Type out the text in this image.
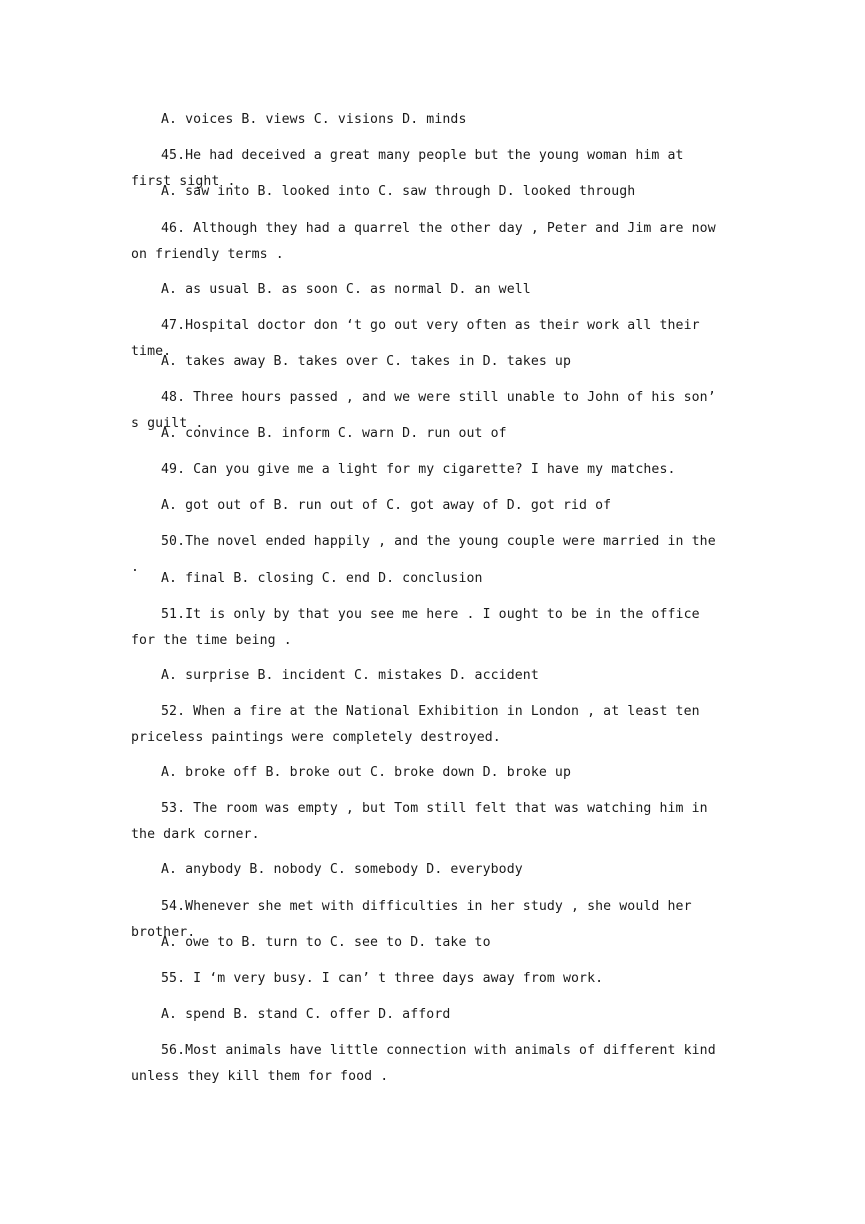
A. voices B. views C. visions D. minds
45.He had deceived a great many people but the young woman him at first sight .
A. saw into B. looked into C. saw through D. looked through
46. Although they had a quarrel the other day , Peter and Jim are now on friendly terms .
A. as usual B. as soon C. as normal D. an well
47.Hospital doctor don ‘t go out very often as their work all their time.
A. takes away B. takes over C. takes in D. takes up
48. Three hours passed , and we were still unable to John of his son’ s guilt .
A. convince B. inform C. warn D. run out of
49. Can you give me a light for my cigarette? I have my matches.
A. got out of B. run out of C. got away of D. got rid of
50.The novel ended happily , and the young couple were married in the .
A. final B. closing C. end D. conclusion
51.It is only by that you see me here . I ought to be in the office for the time being .
A. surprise B. incident C. mistakes D. accident
52. When a fire at the National Exhibition in London , at least ten priceless paintings were completely destroyed.
A. broke off B. broke out C. broke down D. broke up
53. The room was empty , but Tom still felt that was watching him in the dark corner.
A. anybody B. nobody C. somebody D. everybody
54.Whenever she met with difficulties in her study , she would her brother.
A. owe to B. turn to C. see to D. take to
55. I ‘m very busy. I can’ t three days away from work.
A. spend B. stand C. offer D. afford
56.Most animals have little connection with animals of different kind unless they kill them for food .
